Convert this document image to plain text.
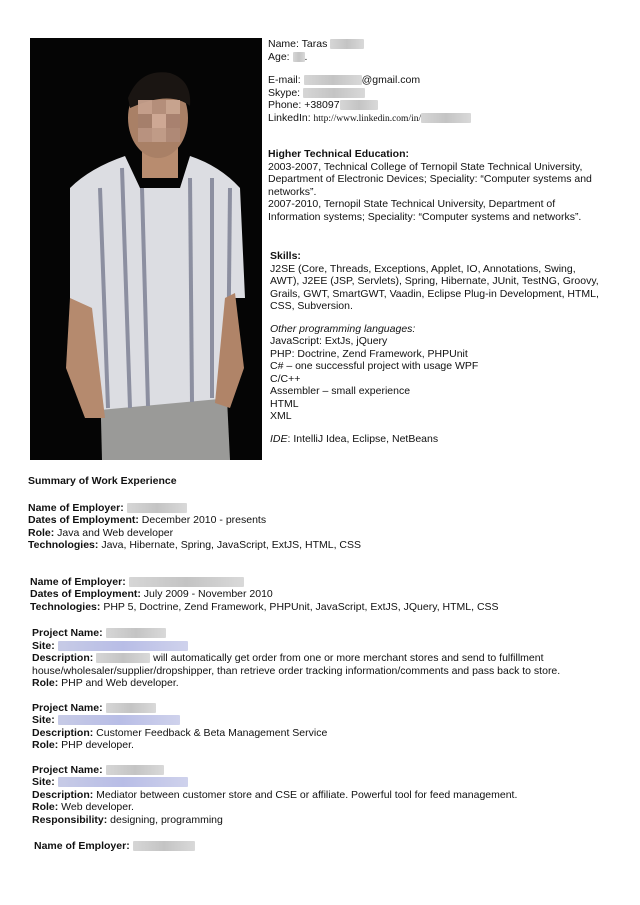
Name: Taras
Age: .
E-mail:	@gmail.com
Skype:
Phone: +38097
LinkedIn: http://www.linkedin.com/in/
Higher Technical Education:
2003-2007, Technical College of Ternopil State Technical University,
Department of Electronic Devices; Speciality: “Computer systems and
networks”.
2007-2010, Ternopil State Technical University, Department of
Information systems; Speciality: “Computer systems and networks”.
Skills:
J2SE (Core, Threads, Exceptions, Applet, IO, Annotations, Swing,
AWT), J2EE (JSP, Servlets), Spring, Hibernate, JUnit, TestNG, Groovy,
Grails, GWT, SmartGWT, Vaadin, Eclipse Plug-in Development, HTML,
CSS, Subversion.
Other programming languages:
JavaScript: ExtJs, jQuery
PHP: Doctrine, Zend Framework, PHPUnit
C# – one successful project with usage WPF
C/C++
Assembler – small experience
HTML
XML
IDE: IntelliJ Idea, Eclipse, NetBeans
Summary of Work Experience
Name of Employer:
Dates of Employment: December 2010 - presents
Role: Java and Web developer
Technologies: Java, Hibernate, Spring, JavaScript, ExtJS, HTML, CSS
Name of Employer:
Dates of Employment: July 2009 - November 2010
Technologies: PHP 5, Doctrine, Zend Framework, PHPUnit, JavaScript, ExtJS, JQuery, HTML, CSS
Project Name:
Site:
Description:	will automatically get order from one or more merchant stores and send to fulfillment
house/wholesaler/supplier/dropshipper, than retrieve order tracking information/comments and pass back to store.
Role: PHP and Web developer.
Project Name:
Site:
Description: Customer Feedback & Beta Management Service
Role: PHP developer.
Project Name:
Site:
Description: Mediator between customer store and CSE or affiliate. Powerful tool for feed management.
Role: Web developer.
Responsibility: designing, programming
Name of Employer:
